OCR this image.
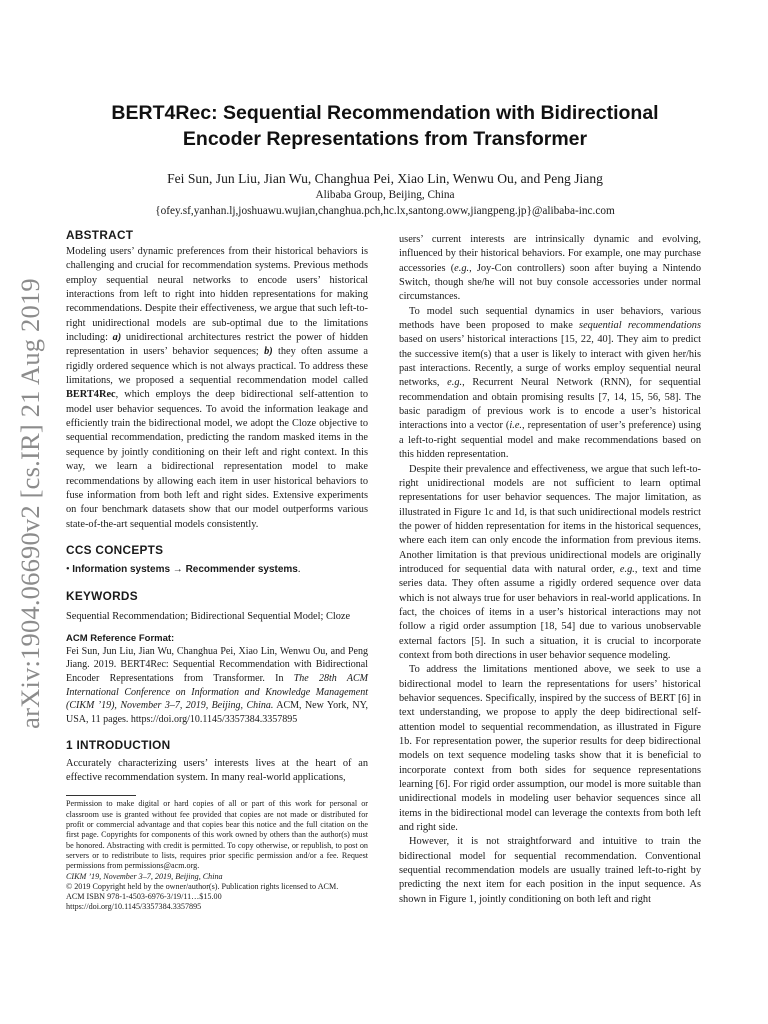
arXiv:1904.06690v2 [cs.IR] 21 Aug 2019
BERT4Rec: Sequential Recommendation with Bidirectional
Encoder Representations from Transformer
Fei Sun, Jun Liu, Jian Wu, Changhua Pei, Xiao Lin, Wenwu Ou, and Peng Jiang
Alibaba Group, Beijing, China
{ofey.sf,yanhan.lj,joshuawu.wujian,changhua.pch,hc.lx,santong.oww,jiangpeng.jp}@alibaba-inc.com
ABSTRACT

Modeling users’ dynamic preferences from their historical behaviors is challenging and crucial for recommendation systems. Previous methods employ sequential neural networks to encode users’ historical interactions from left to right into hidden representations for making recommendations. Despite their effectiveness, we argue that such left-to-right unidirectional models are sub-optimal due to the limitations including: a) unidirectional architectures restrict the power of hidden representation in users’ behavior sequences; b) they often assume a rigidly ordered sequence which is not always practical. To address these limitations, we proposed a sequential recommendation model called BERT4Rec, which employs the deep bidirectional self-attention to model user behavior sequences. To avoid the information leakage and efficiently train the bidirectional model, we adopt the Cloze objective to sequential recommendation, predicting the random masked items in the sequence by jointly conditioning on their left and right context. In this way, we learn a bidirectional representation model to make recommendations by allowing each item in user historical behaviors to fuse information from both left and right sides. Extensive experiments on four benchmark datasets show that our model outperforms various state-of-the-art sequential models consistently.

CCS CONCEPTS

• Information systems → Recommender systems.

KEYWORDS

Sequential Recommendation; Bidirectional Sequential Model; Cloze

ACM Reference Format:

Fei Sun, Jun Liu, Jian Wu, Changhua Pei, Xiao Lin, Wenwu Ou, and Peng Jiang. 2019. BERT4Rec: Sequential Recommendation with Bidirectional Encoder Representations from Transformer. In The 28th ACM International Conference on Information and Knowledge Management (CIKM ’19), November 3–7, 2019, Beijing, China. ACM, New York, NY, USA, 11 pages. https://doi.org/10.1145/3357384.3357895

1 INTRODUCTION

Accurately characterizing users’ interests lives at the heart of an effective recommendation system. In many real-world applications,

Permission to make digital or hard copies of all or part of this work for personal or classroom use is granted without fee provided that copies are not made or distributed for profit or commercial advantage and that copies bear this notice and the full citation on the first page. Copyrights for components of this work owned by others than the author(s) must be honored. Abstracting with credit is permitted. To copy otherwise, or republish, to post on servers or to redistribute to lists, requires prior specific permission and/or a fee. Request permissions from permissions@acm.org.

CIKM ’19, November 3–7, 2019, Beijing, China

© 2019 Copyright held by the owner/author(s). Publication rights licensed to ACM.

ACM ISBN 978-1-4503-6976-3/19/11…$15.00

https://doi.org/10.1145/3357384.3357895

users’ current interests are intrinsically dynamic and evolving, influenced by their historical behaviors. For example, one may purchase accessories (e.g., Joy-Con controllers) soon after buying a Nintendo Switch, though she/he will not buy console accessories under normal circumstances.

To model such sequential dynamics in user behaviors, various methods have been proposed to make sequential recommendations based on users’ historical interactions [15, 22, 40]. They aim to predict the successive item(s) that a user is likely to interact with given her/his past interactions. Recently, a surge of works employ sequential neural networks, e.g., Recurrent Neural Network (RNN), for sequential recommendation and obtain promising results [7, 14, 15, 56, 58]. The basic paradigm of previous work is to encode a user’s historical interactions into a vector (i.e., representation of user’s preference) using a left-to-right sequential model and make recommendations based on this hidden representation.

Despite their prevalence and effectiveness, we argue that such left-to-right unidirectional models are not sufficient to learn optimal representations for user behavior sequences. The major limitation, as illustrated in Figure 1c and 1d, is that such unidirectional models restrict the power of hidden representation for items in the historical sequences, where each item can only encode the information from previous items. Another limitation is that previous unidirectional models are originally introduced for sequential data with natural order, e.g., text and time series data. They often assume a rigidly ordered sequence over data which is not always true for user behaviors in real-world applications. In fact, the choices of items in a user’s historical interactions may not follow a rigid order assumption [18, 54] due to various unobservable external factors [5]. In such a situation, it is crucial to incorporate context from both directions in user behavior sequence modeling.

To address the limitations mentioned above, we seek to use a bidirectional model to learn the representations for users’ historical behavior sequences. Specifically, inspired by the success of BERT [6] in text understanding, we propose to apply the deep bidirectional self-attention model to sequential recommendation, as illustrated in Figure 1b. For representation power, the superior results for deep bidirectional models on text sequence modeling tasks show that it is beneficial to incorporate context from both sides for sequence representations learning [6]. For rigid order assumption, our model is more suitable than unidirectional models in modeling user behavior sequences since all items in the bidirectional model can leverage the contexts from both left and right side.

However, it is not straightforward and intuitive to train the bidirectional model for sequential recommendation. Conventional sequential recommendation models are usually trained left-to-right by predicting the next item for each position in the input sequence. As shown in Figure 1, jointly conditioning on both left and right
